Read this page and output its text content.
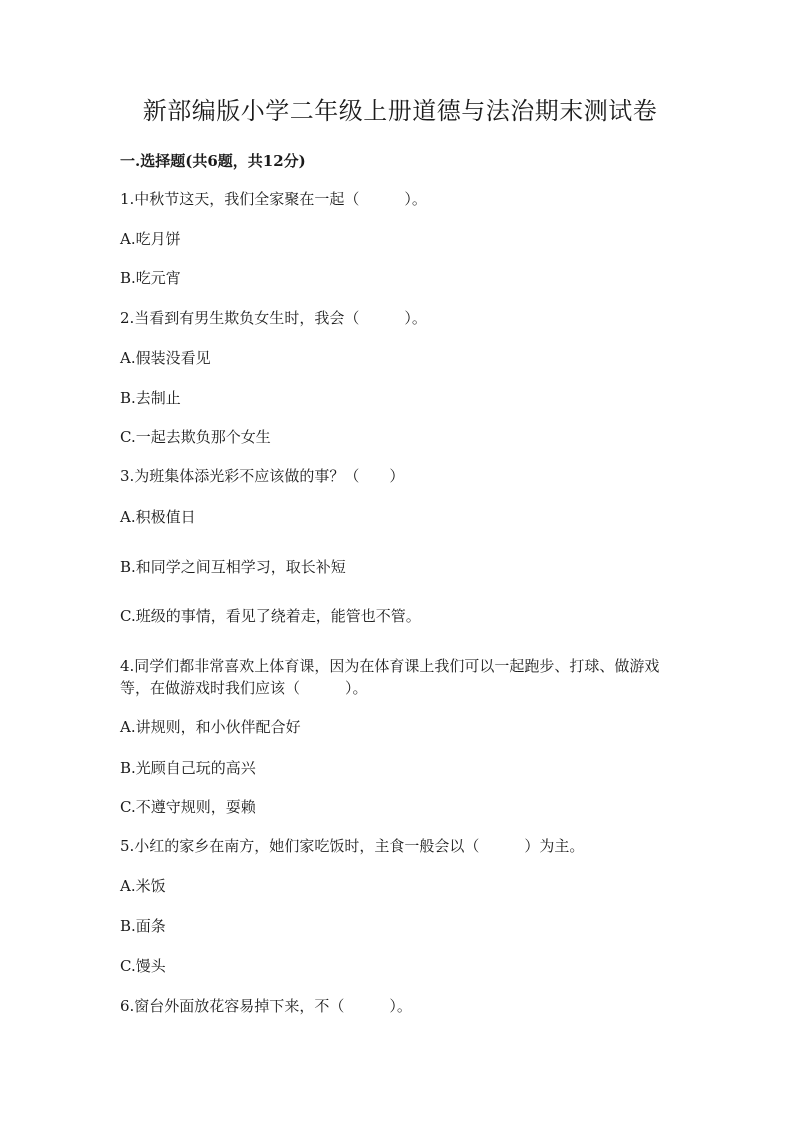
新部编版小学二年级上册道德与法治期末测试卷
一.选择题(共6题，共12分)
1.中秋节这天，我们全家聚在一起（　　　）。
A.吃月饼
B.吃元宵
2.当看到有男生欺负女生时，我会（　　　）。
A.假装没看见
B.去制止
C.一起去欺负那个女生
3.为班集体添光彩不应该做的事？（　　）
A.积极值日
B.和同学之间互相学习，取长补短
C.班级的事情，看见了绕着走，能管也不管。
4.同学们都非常喜欢上体育课，因为在体育课上我们可以一起跑步、打球、做游戏等，在做游戏时我们应该（　　　）。
A.讲规则，和小伙伴配合好
B.光顾自己玩的高兴
C.不遵守规则，耍赖
5.小红的家乡在南方，她们家吃饭时，主食一般会以（　　　）为主。
A.米饭
B.面条
C.馒头
6.窗台外面放花容易掉下来，不（　　　）。
